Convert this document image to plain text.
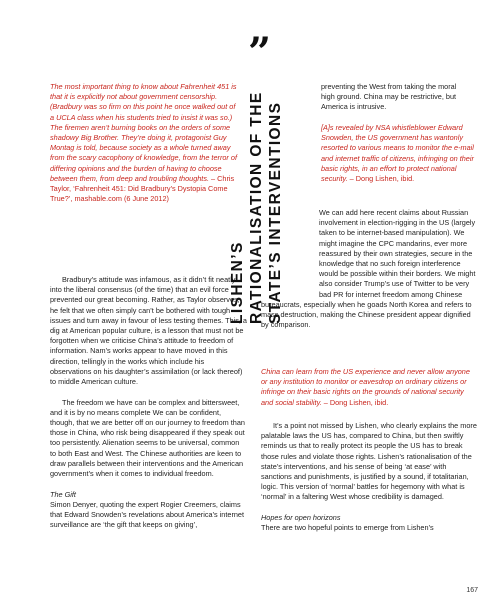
The most important thing to know about Fahrenheit 451 is that it is explicitly not about government censorship. (Bradbury was so firm on this point he once walked out of a UCLA class when his students tried to insist it was so.) The firemen aren’t burning books on the orders of some shadowy Big Brother. They’re doing it, protagonist Guy Montag is told, because society as a whole turned away from the scary cacophony of knowledge, from the terror of differing opinions and the burden of having to choose between them, from deep and troubling thoughts. – Chris Taylor, ‘Fahrenheit 451: Did Bradbury’s Dystopia Come True?’, mashable.com (6 June 2012)

Bradbury’s attitude was infamous, as it didn’t fit neatly into the liberal consensus (of the time) that an evil force prevented our great becoming. Rather, as Taylor observes, he felt that we often simply can’t be bothered with tough issues and turn away in favour of less testing themes. This, a dig at American popular culture, is a lesson that must not be forgotten when we criticise China’s attitude to freedom of information. Nam’s works appear to have moved in this direction, tellingly in the works which include his observations on his daughter’s assimilation (or lack thereof) to middle American culture.

The freedom we have can be complex and bittersweet, and it is by no means complete We can be confident, though, that we are better off on our journey to freedom than those in China, who risk being disappeared if they speak out too persistently. Alienation seems to be universal, common to both East and West. The Chinese authorities are keen to draw parallels between their interventions and the American government’s when it comes to individual freedom.

The Gift

Simon Denyer, quoting the expert Rogier Creemers, claims that Edward Snowden’s revelations about America’s internet surveillance are ‘the gift that keeps on giving’,

”
LISHEN’S RATIONALISATION OF THE STATE’S INTERVENTIONS

preventing the West from taking the moral high ground. China may be restrictive, but America is intrusive.

[A]s revealed by NSA whistleblower Edward Snowden, the US government has wantonly resorted to various means to monitor the e-mail and internet traffic of citizens, infringing on their basic rights, in an effort to protect national security. – Dong Lishen, ibid.

We can add here recent claims about Russian involvement in election-rigging in the US (largely taken to be internet-based manipulation). We might imagine the CPC mandarins, ever more reassured by their own strategies, secure in the knowledge that no such foreign interference would be possible within their borders. We might also consider Trump’s use of Twitter to be very bad PR for internet freedom among Chinese bureaucrats, especially when he goads North Korea and refers to mass destruction, making the Chinese president appear dignified by comparison.

China can learn from the US experience and never allow anyone or any institution to monitor or eavesdrop on ordinary citizens or infringe on their basic rights on the grounds of national security and social stability. – Dong Lishen, ibid.

It’s a point not missed by Lishen, who clearly explains the more palatable laws the US has, compared to China, but then swiftly reminds us that to really protect its people the US has to break those rules and violate those rights. Lishen’s rationalisation of the state’s interventions, and his sense of being ‘at ease’ with sanctions and punishments, is justified by a sound, if totalitarian, logic. This version of ‘normal’ battles for hegemony with what is ‘normal’ in a faltering West whose credibility is damaged.

Hopes for open horizons

There are two hopeful points to emerge from Lishen’s

167
